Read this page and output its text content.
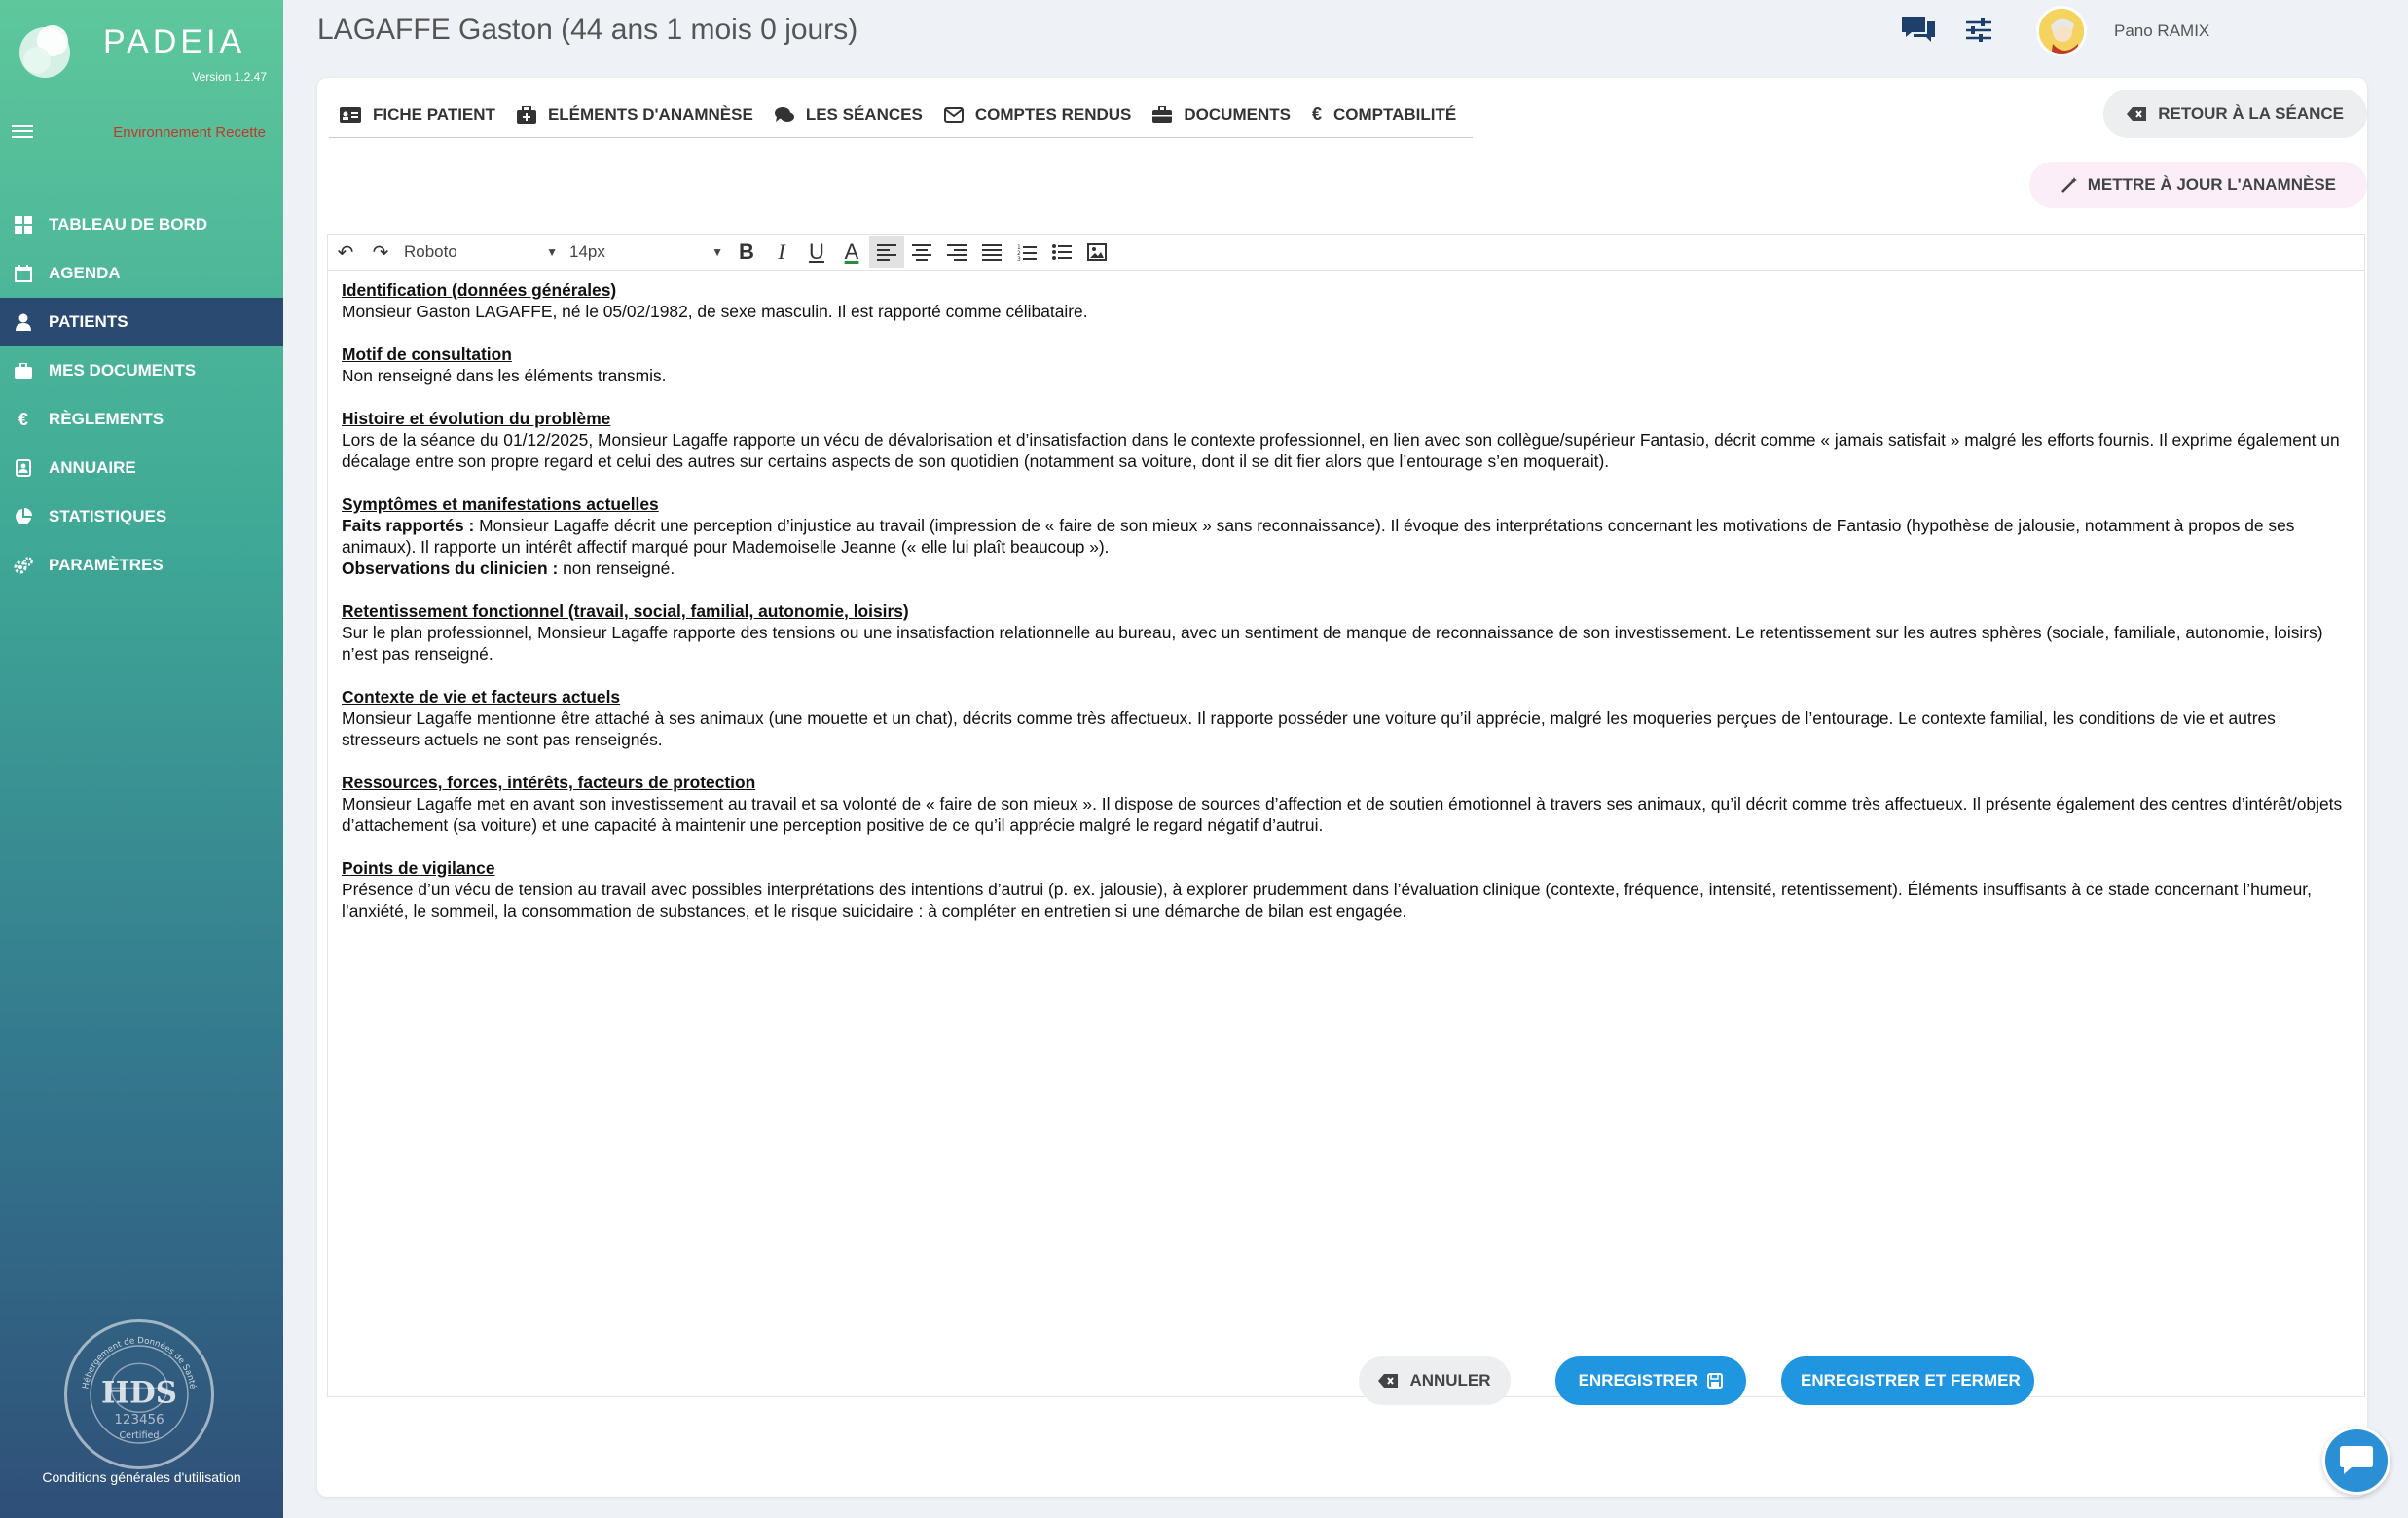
PADEIA
Version 1.2.47
Environnement Recette
TABLEAU DE BORD
AGENDA
PATIENTS
MES DOCUMENTS
€ RÈGLEMENTS
ANNUAIRE
STATISTIQUES
PARAMÈTRES
Hébergement de Données de Santé
HDS
123456
Certified
Conditions générales d'utilisation
LAGAFFE Gaston (44 ans 1 mois 0 jours)	Pano RAMIX
FICHE PATIENT	ELÉMENTS D'ANAMNÈSE	LES SÉANCES	COMPTES RENDUS	DOCUMENTS € COMPTABILITÉ	RETOUR À LA SÉANCE
METTRE À JOUR L'ANAMNÈSE
↶ ↷ Roboto	▼ 14px	▼ B	I	U A	1
2
3
Identification (données générales)

Monsieur Gaston LAGAFFE, né le 05/02/1982, de sexe masculin. Il est rapporté comme célibataire.

Motif de consultation

Non renseigné dans les éléments transmis.

Histoire et évolution du problème

Lors de la séance du 01/12/2025, Monsieur Lagaffe rapporte un vécu de dévalorisation et d’insatisfaction dans le contexte professionnel, en lien avec son collègue/supérieur Fantasio, décrit comme « jamais satisfait » malgré les efforts fournis. Il exprime également un décalage entre son propre regard et celui des autres sur certains aspects de son quotidien (notamment sa voiture, dont il se dit fier alors que l’entourage s’en moquerait).

Symptômes et manifestations actuelles

Faits rapportés : Monsieur Lagaffe décrit une perception d’injustice au travail (impression de « faire de son mieux » sans reconnaissance). Il évoque des interprétations concernant les motivations de Fantasio (hypothèse de jalousie, notamment à propos de ses animaux). Il rapporte un intérêt affectif marqué pour Mademoiselle Jeanne (« elle lui plaît beaucoup »).

Observations du clinicien : non renseigné.

Retentissement fonctionnel (travail, social, familial, autonomie, loisirs)

Sur le plan professionnel, Monsieur Lagaffe rapporte des tensions ou une insatisfaction relationnelle au bureau, avec un sentiment de manque de reconnaissance de son investissement. Le retentissement sur les autres sphères (sociale, familiale, autonomie, loisirs) n’est pas renseigné.

Contexte de vie et facteurs actuels

Monsieur Lagaffe mentionne être attaché à ses animaux (une mouette et un chat), décrits comme très affectueux. Il rapporte posséder une voiture qu’il apprécie, malgré les moqueries perçues de l’entourage. Le contexte familial, les conditions de vie et autres stresseurs actuels ne sont pas renseignés.

Ressources, forces, intérêts, facteurs de protection

Monsieur Lagaffe met en avant son investissement au travail et sa volonté de « faire de son mieux ». Il dispose de sources d’affection et de soutien émotionnel à travers ses animaux, qu’il décrit comme très affectueux. Il présente également des centres d’intérêt/objets d’attachement (sa voiture) et une capacité à maintenir une perception positive de ce qu’il apprécie malgré le regard négatif d’autrui.

Points de vigilance

Présence d’un vécu de tension au travail avec possibles interprétations des intentions d’autrui (p. ex. jalousie), à explorer prudemment dans l’évaluation clinique (contexte, fréquence, intensité, retentissement). Éléments insuffisants à ce stade concernant l’humeur, l’anxiété, le sommeil, la consommation de substances, et le risque suicidaire : à compléter en entretien si une démarche de bilan est engagée.

ANNULER	ENREGISTRER	ENREGISTRER ET FERMER
